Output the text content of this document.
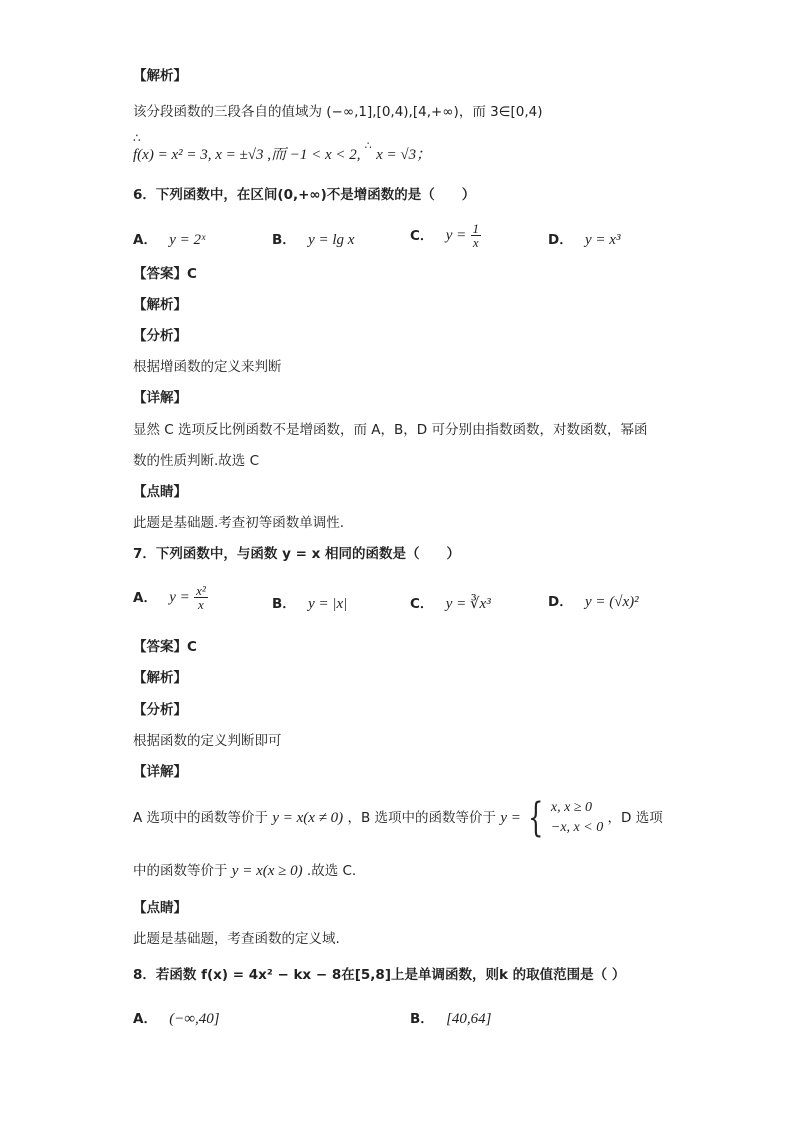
【解析】
该分段函数的三段各自的值域为 (−∞,1],[0,4),[4,+∞)，而 3∈[0,4)
∴
f(x) = x² = 3, x = ±√3 ,而 −1 < x < 2, ∴ x = √3；
6．下列函数中，在区间(0,+∞)不是增函数的是（　　）
A． y = 2ˣ	B． y = lg x	C． $y = \frac{1}{x}$	D． y = x³
【答案】C
【解析】
【分析】
根据增函数的定义来判断
【详解】
显然 C 选项反比例函数不是增函数，而 A，B，D 可分别由指数函数，对数函数，幂函
数的性质判断.故选 C
【点睛】
此题是基础题.考查初等函数单调性.
7．下列函数中，与函数 y = x 相同的函数是（　　）
A． $y = \frac{\text{x²}}{x}$	B． y = |x|	C． y = ∛x³	D． y = (√x)²
【答案】C
【解析】
【分析】
根据函数的定义判断即可
【详解】
A 选项中的函数等价于 y = x(x ≠ 0) ，B 选项中的函数等价于 y = { x, x ≥ 0
−x, x < 0
，D 选项
中的函数等价于 y = x(x ≥ 0) .故选 C.
【点睛】
此题是基础题，考查函数的定义域.
8．若函数 f(x) = 4x² − kx − 8在[5,8]上是单调函数，则k 的取值范围是（ ）
A． (−∞,40]	B． [40,64]
